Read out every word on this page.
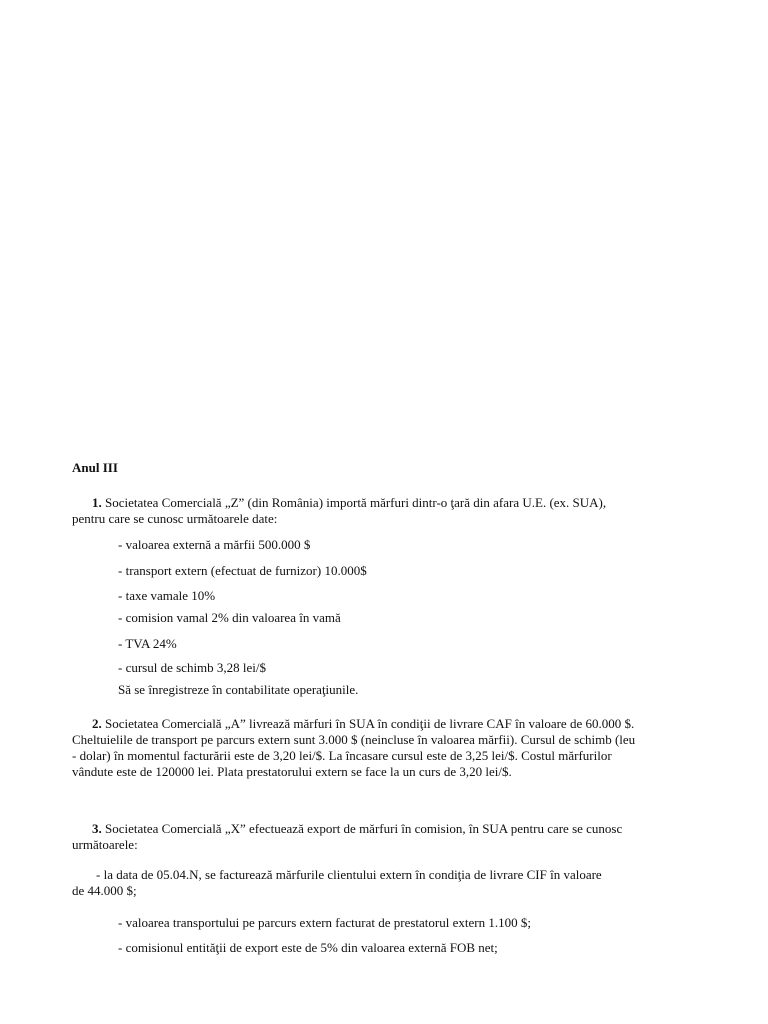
Anul III
1. Societatea Comercială „Z” (din România) importă mărfuri dintr-o ţară din afara U.E. (ex. SUA), pentru care se cunosc următoarele date:
- valoarea externă a mărfii 500.000 $
- transport extern (efectuat de furnizor) 10.000$
- taxe vamale 10%
- comision vamal 2% din valoarea în vamă
- TVA 24%
- cursul de schimb 3,28 lei/$
Să se înregistreze în contabilitate operaţiunile.
2. Societatea Comercială „A” livrează mărfuri în SUA în condiţii de livrare CAF în valoare de 60.000 $. Cheltuielile de transport pe parcurs extern sunt 3.000 $ (neincluse în valoarea mărfii). Cursul de schimb (leu - dolar) în momentul facturării este de 3,20 lei/$. La încasare cursul este de 3,25 lei/$. Costul mărfurilor vândute este de 120000 lei. Plata prestatorului extern se face la un curs de 3,20 lei/$.
3. Societatea Comercială „X” efectuează export de mărfuri în comision, în SUA pentru care se cunosc următoarele:
- la data de 05.04.N, se facturează mărfurile clientului extern în condiţia de livrare CIF în valoare de 44.000 $;
- valoarea transportului pe parcurs extern facturat de prestatorul extern 1.100 $;
- comisionul entităţii de export este de 5% din valoarea externă FOB net;
